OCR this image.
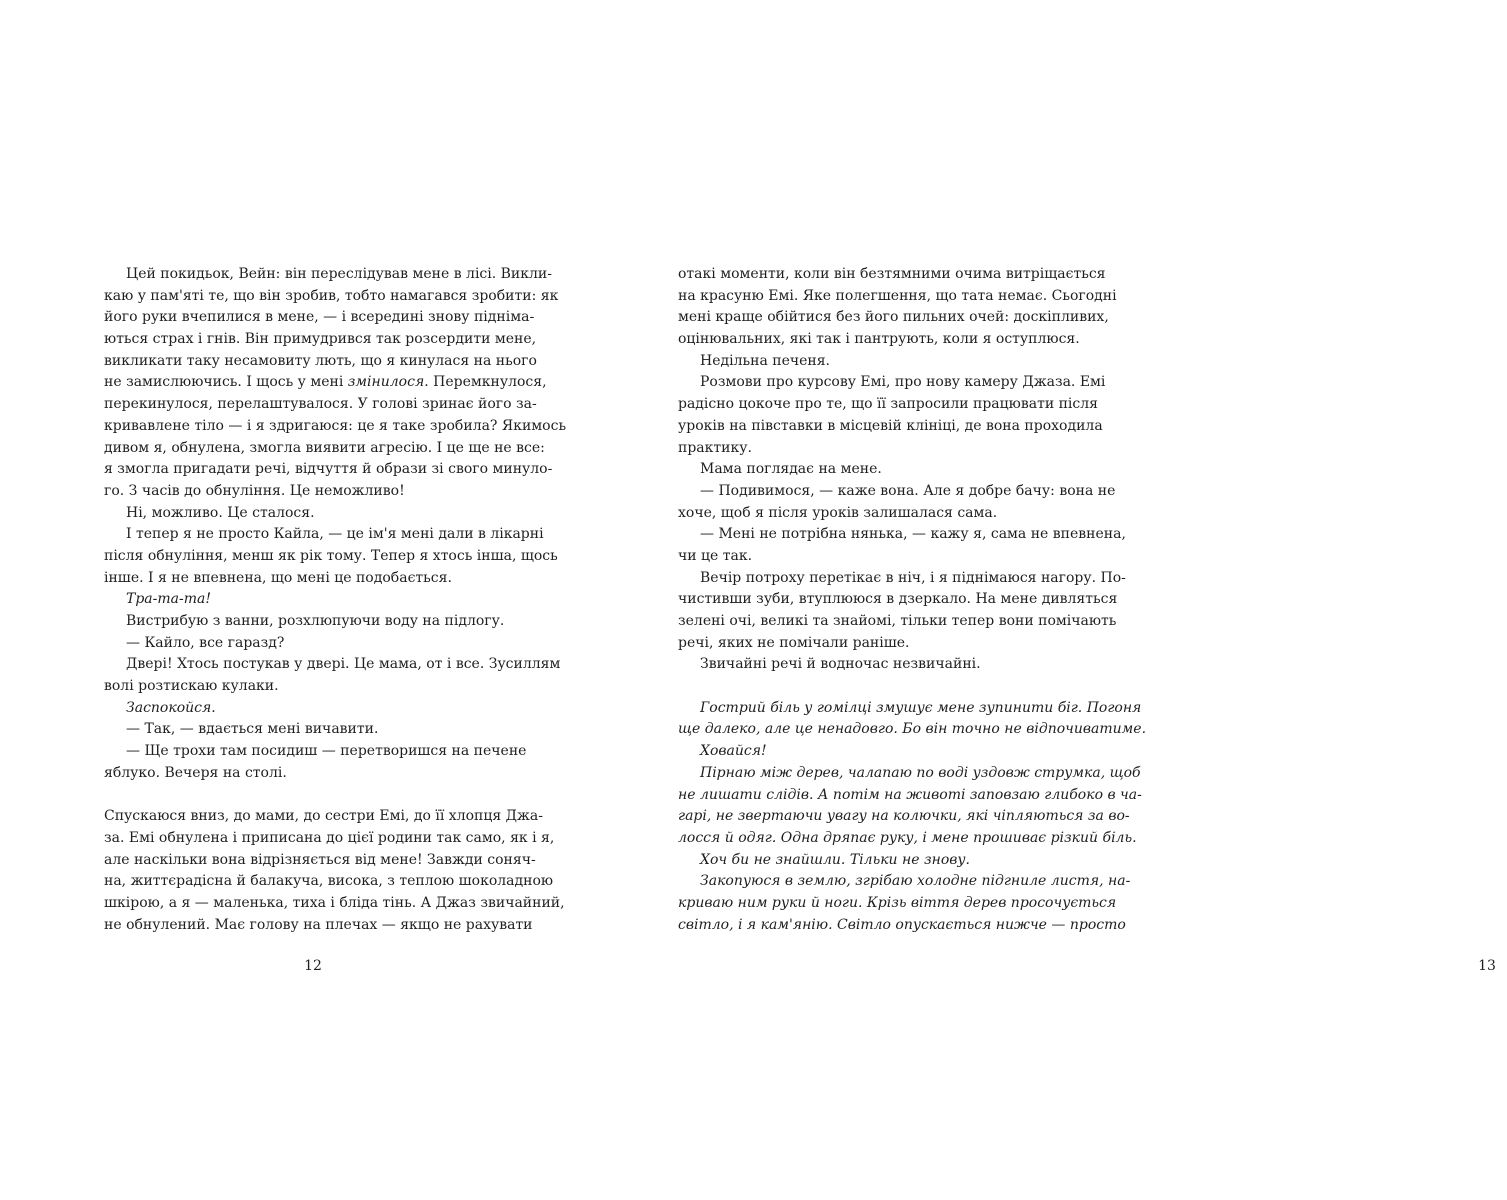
Цей покидьок, Вейн: він переслідував мене в лісі. Викли-
каю у пам'яті те, що він зробив, тобто намагався зробити: як
його руки вчепилися в мене, — і всередині знову підніма-
ються страх і гнів. Він примудрився так розсердити мене,
викликати таку несамовиту лють, що я кинулася на нього
не замислюючись. І щось у мені змінилося. Перемкнулося,
перекинулося, перелаштувалося. У голові зринає його за-
кривавлене тіло — і я здригаюся: це я таке зробила? Якимось
дивом я, обнулена, змогла виявити агресію. І це ще не все:
я змогла пригадати речі, відчуття й образи зі свого минуло-
го. З часів до обнуління. Це неможливо!
Ні, можливо. Це сталося.
І тепер я не просто Кайла, — це ім'я мені дали в лікарні
після обнуління, менш як рік тому. Тепер я хтось інша, щось
інше. І я не впевнена, що мені це подобається.
Тра-та-та!
Вистрибую з ванни, розхлюпуючи воду на підлогу.
— Кайло, все гаразд?
Двері! Хтось постукав у двері. Це мама, от і все. Зусиллям
волі розтискаю кулаки.
Заспокойся.
— Так, — вдається мені вичавити.
— Ще трохи там посидиш — перетворишся на печене
яблуко. Вечеря на столі.
Спускаюся вниз, до мами, до сестри Емі, до її хлопця Джа-
за. Емі обнулена і приписана до цієї родини так само, як і я,
але наскільки вона відрізняється від мене! Завжди соняч-
на, життєрадісна й балакуча, висока, з теплою шоколадною
шкірою, а я — маленька, тиха і бліда тінь. А Джаз звичайний,
не обнулений. Має голову на плечах — якщо не рахувати
12
отакі моменти, коли він безтямними очима витріщається
на красуню Емі. Яке полегшення, що тата немає. Сьогодні
мені краще обійтися без його пильних очей: доскіпливих,
оцінювальних, які так і пантрують, коли я оступлюся.
Недільна печеня.
Розмови про курсову Емі, про нову камеру Джаза. Емі
радісно цокоче про те, що її запросили працювати після
уроків на півставки в місцевій клініці, де вона проходила
практику.
Мама поглядає на мене.
— Подивимося, — каже вона. Але я добре бачу: вона не
хоче, щоб я після уроків залишалася сама.
— Мені не потрібна нянька, — кажу я, сама не впевнена,
чи це так.
Вечір потроху перетікає в ніч, і я піднімаюся нагору. По-
чистивши зуби, втуплююся в дзеркало. На мене дивляться
зелені очі, великі та знайомі, тільки тепер вони помічають
речі, яких не помічали раніше.
Звичайні речі й водночас незвичайні.
Гострий біль у гомілці змушує мене зупинити біг. Погоня
ще далеко, але це ненадовго. Бо він точно не відпочиватиме.
Ховайся!
Пірнаю між дерев, чалапаю по воді уздовж струмка, щоб
не лишати слідів. А потім на животі заповзаю глибоко в ча-
гарі, не звертаючи увагу на колючки, які чіпляються за во-
лосся й одяг. Одна дряпає руку, і мене прошиває різкий біль.
Хоч би не знайшли. Тільки не знову.
Закопуюся в землю, згрібаю холодне підгниле листя, на-
криваю ним руки й ноги. Крізь віття дерев просочується
світло, і я кам'янію. Світло опускається нижче — просто
13
